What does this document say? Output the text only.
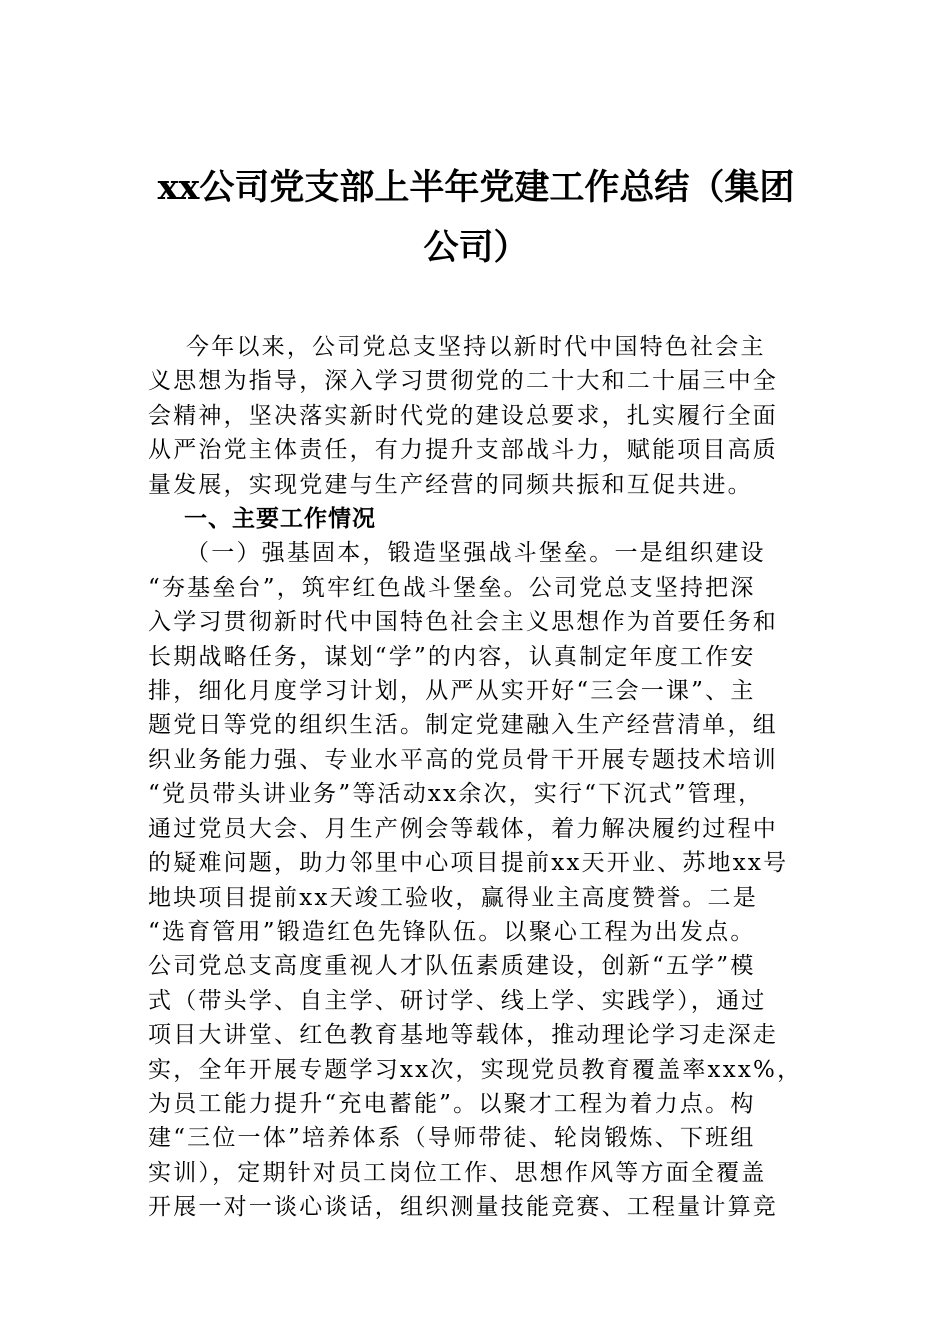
xx公司党支部上半年党建工作总结（集团
公司）
今年以来，公司党总支坚持以新时代中国特色社会主
义思想为指导，深入学习贯彻党的二十大和二十届三中全
会精神，坚决落实新时代党的建设总要求，扎实履行全面
从严治党主体责任，有力提升支部战斗力，赋能项目高质
量发展，实现党建与生产经营的同频共振和互促共进。
一、主要工作情况
（一）强基固本，锻造坚强战斗堡垒。一是组织建设
“夯基垒台”，筑牢红色战斗堡垒。公司党总支坚持把深
入学习贯彻新时代中国特色社会主义思想作为首要任务和
长期战略任务，谋划“学”的内容，认真制定年度工作安
排，细化月度学习计划，从严从实开好“三会一课”、主
题党日等党的组织生活。制定党建融入生产经营清单，组
织业务能力强、专业水平高的党员骨干开展专题技术培训
“党员带头讲业务”等活动xx余次，实行“下沉式”管理，
通过党员大会、月生产例会等载体，着力解决履约过程中
的疑难问题，助力邻里中心项目提前xx天开业、苏地xx号
地块项目提前xx天竣工验收，赢得业主高度赞誉。二是
“选育管用”锻造红色先锋队伍。以聚心工程为出发点。
公司党总支高度重视人才队伍素质建设，创新“五学”模
式（带头学、自主学、研讨学、线上学、实践学），通过
项目大讲堂、红色教育基地等载体，推动理论学习走深走
实，全年开展专题学习xx次，实现党员教育覆盖率xxx%，
为员工能力提升“充电蓄能”。以聚才工程为着力点。构
建“三位一体”培养体系（导师带徒、轮岗锻炼、下班组
实训），定期针对员工岗位工作、思想作风等方面全覆盖
开展一对一谈心谈话，组织测量技能竞赛、工程量计算竞
